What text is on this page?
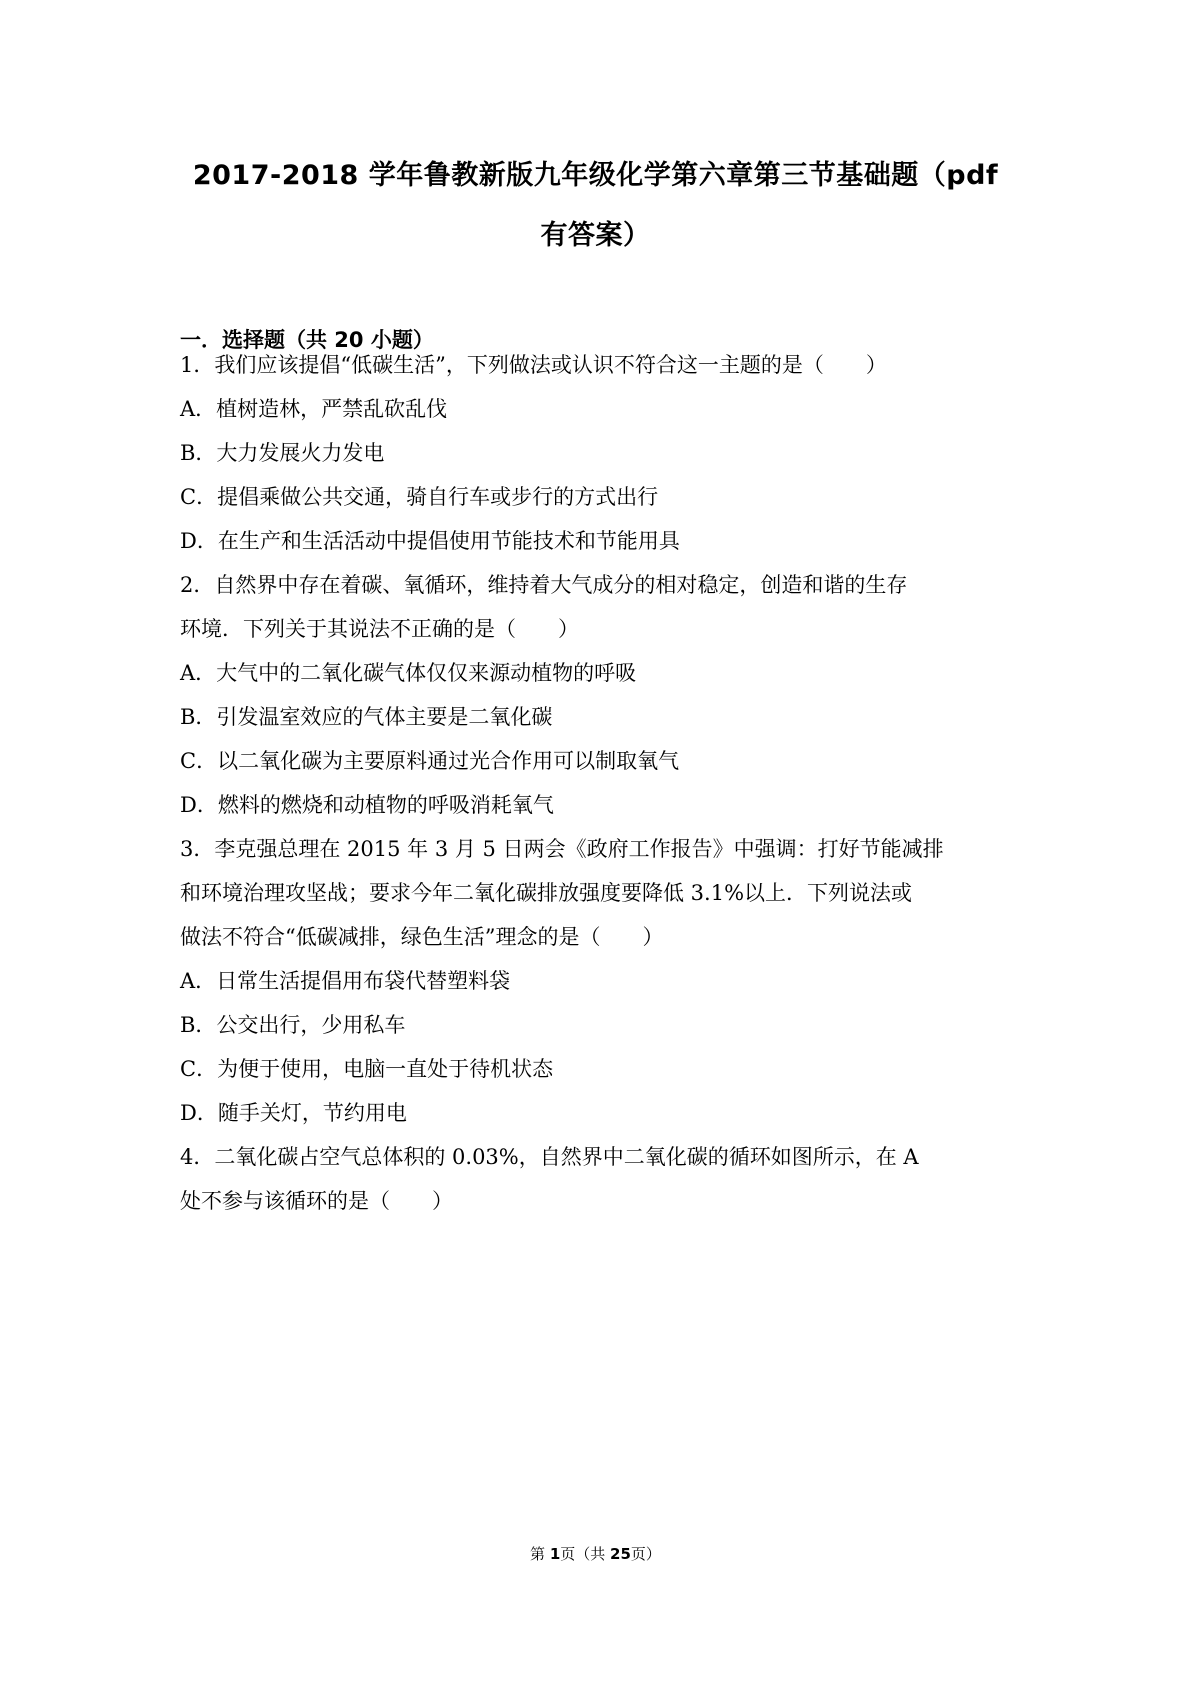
2017-2018 学年鲁教新版九年级化学第六章第三节基础题（pdf
有答案）
一．选择题（共 20 小题）
1．我们应该提倡“低碳生活”，下列做法或认识不符合这一主题的是（　　）
A．植树造林，严禁乱砍乱伐
B．大力发展火力发电
C．提倡乘做公共交通，骑自行车或步行的方式出行
D．在生产和生活活动中提倡使用节能技术和节能用具
2．自然界中存在着碳、氧循环，维持着大气成分的相对稳定，创造和谐的生存
环境．下列关于其说法不正确的是（　　）
A．大气中的二氧化碳气体仅仅来源动植物的呼吸
B．引发温室效应的气体主要是二氧化碳
C．以二氧化碳为主要原料通过光合作用可以制取氧气
D．燃料的燃烧和动植物的呼吸消耗氧气
3．李克强总理在 2015 年 3 月 5 日两会《政府工作报告》中强调：打好节能减排
和环境治理攻坚战；要求今年二氧化碳排放强度要降低 3.1%以上．下列说法或
做法不符合“低碳减排，绿色生活”理念的是（　　）
A．日常生活提倡用布袋代替塑料袋
B．公交出行，少用私车
C．为便于使用，电脑一直处于待机状态
D．随手关灯，节约用电
4．二氧化碳占空气总体积的 0.03%，自然界中二氧化碳的循环如图所示，在 A
处不参与该循环的是（　　）
第 1页（共 25页）
